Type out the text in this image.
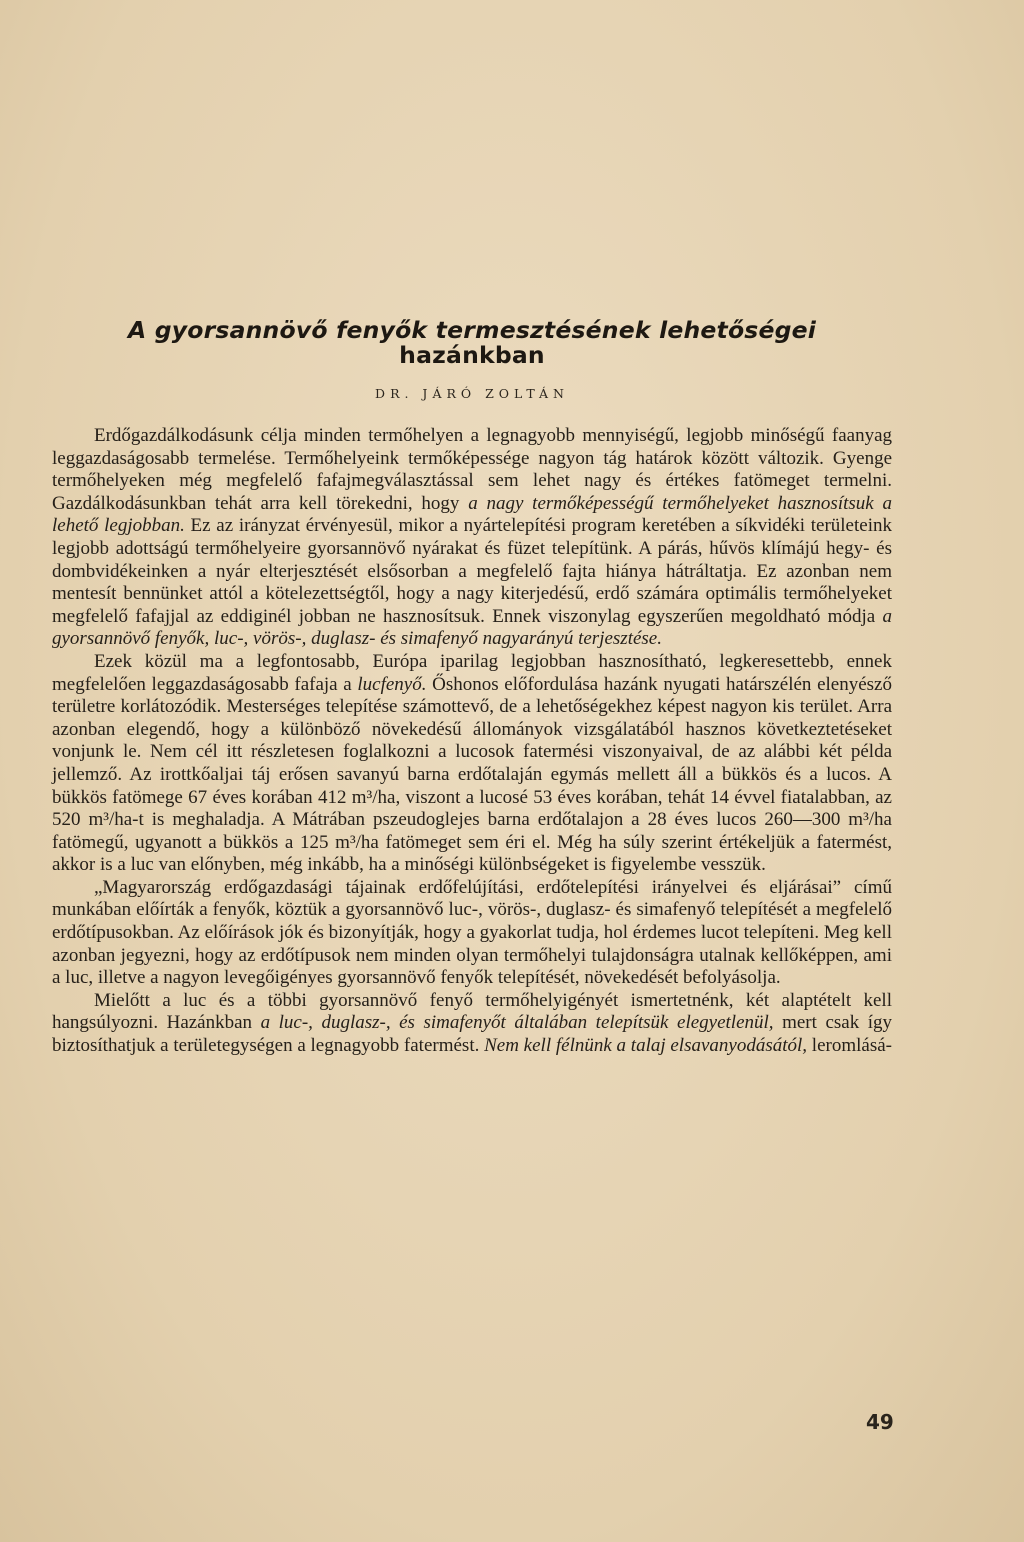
A gyorsannövő fenyők termesztésének lehetőségei
hazánkban
DR. JÁRÓ ZOLTÁN

Erdőgazdálkodásunk célja minden termőhelyen a legnagyobb mennyiségű, legjobb minőségű faanyag leggazdaságosabb termelése. Termőhelyeink termőképessége nagyon tág határok között változik. Gyenge termőhelyeken még megfelelő fafajmegválasztással sem lehet nagy és értékes fatömeget termelni. Gazdálkodásunkban tehát arra kell törekedni, hogy a nagy termőképességű termőhelyeket hasznosítsuk a lehető legjobban. Ez az irányzat érvényesül, mikor a nyártelepítési program keretében a síkvidéki területeink legjobb adottságú termőhelyeire gyorsannövő nyárakat és füzet telepítünk. A párás, hűvös klímájú hegy- és dombvidékeinken a nyár elterjesztését elsősorban a megfelelő fajta hiánya hátráltatja. Ez azonban nem mentesít bennünket attól a kötelezettségtől, hogy a nagy kiterjedésű, erdő számára optimális termőhelyeket megfelelő fafajjal az eddiginél jobban ne hasznosítsuk. Ennek viszonylag egyszerűen megoldható módja a gyorsannövő fenyők, luc-, vörös-, duglasz- és simafenyő nagyarányú terjesztése.

Ezek közül ma a legfontosabb, Európa iparilag legjobban hasznosítható, legkeresettebb, ennek megfelelően leggazdaságosabb fafaja a lucfenyő. Őshonos előfordulása hazánk nyugati határszélén elenyésző területre korlátozódik. Mesterséges telepítése számottevő, de a lehetőségekhez képest nagyon kis terület. Arra azonban elegendő, hogy a különböző növekedésű állományok vizsgálatából hasznos következtetéseket vonjunk le. Nem cél itt részletesen foglalkozni a lucosok fatermési viszonyaival, de az alábbi két példa jellemző. Az irottkőaljai táj erősen savanyú barna erdőtalaján egymás mellett áll a bükkös és a lucos. A bükkös fatömege 67 éves korában 412 m³/ha, viszont a lucosé 53 éves korában, tehát 14 évvel fiatalabban, az 520 m³/ha-t is meghaladja. A Mátrában pszeudoglejes barna erdőtalajon a 28 éves lucos 260—300 m³/ha fatömegű, ugyanott a bükkös a 125 m³/ha fatömeget sem éri el. Még ha súly szerint értékeljük a fatermést, akkor is a luc van előnyben, még inkább, ha a minőségi különbségeket is figyelembe vesszük.

„Magyarország erdőgazdasági tájainak erdőfelújítási, erdőtelepítési irányelvei és eljárásai” című munkában előírták a fenyők, köztük a gyorsannövő luc-, vörös-, duglasz- és simafenyő telepítését a megfelelő erdőtípusokban. Az előírások jók és bizonyítják, hogy a gyakorlat tudja, hol érdemes lucot telepíteni. Meg kell azonban jegyezni, hogy az erdőtípusok nem minden olyan termőhelyi tulajdonságra utalnak kellőképpen, ami a luc, illetve a nagyon levegőigényes gyorsannövő fenyők telepítését, növekedését befolyásolja.

Mielőtt a luc és a többi gyorsannövő fenyő termőhelyigényét ismertetnénk, két alaptételt kell hangsúlyozni. Hazánkban a luc-, duglasz-, és simafenyőt általában telepítsük elegyetlenül, mert csak így biztosíthatjuk a területegységen a legnagyobb fatermést. Nem kell félnünk a talaj elsavanyodásától, leromlásá-

49
